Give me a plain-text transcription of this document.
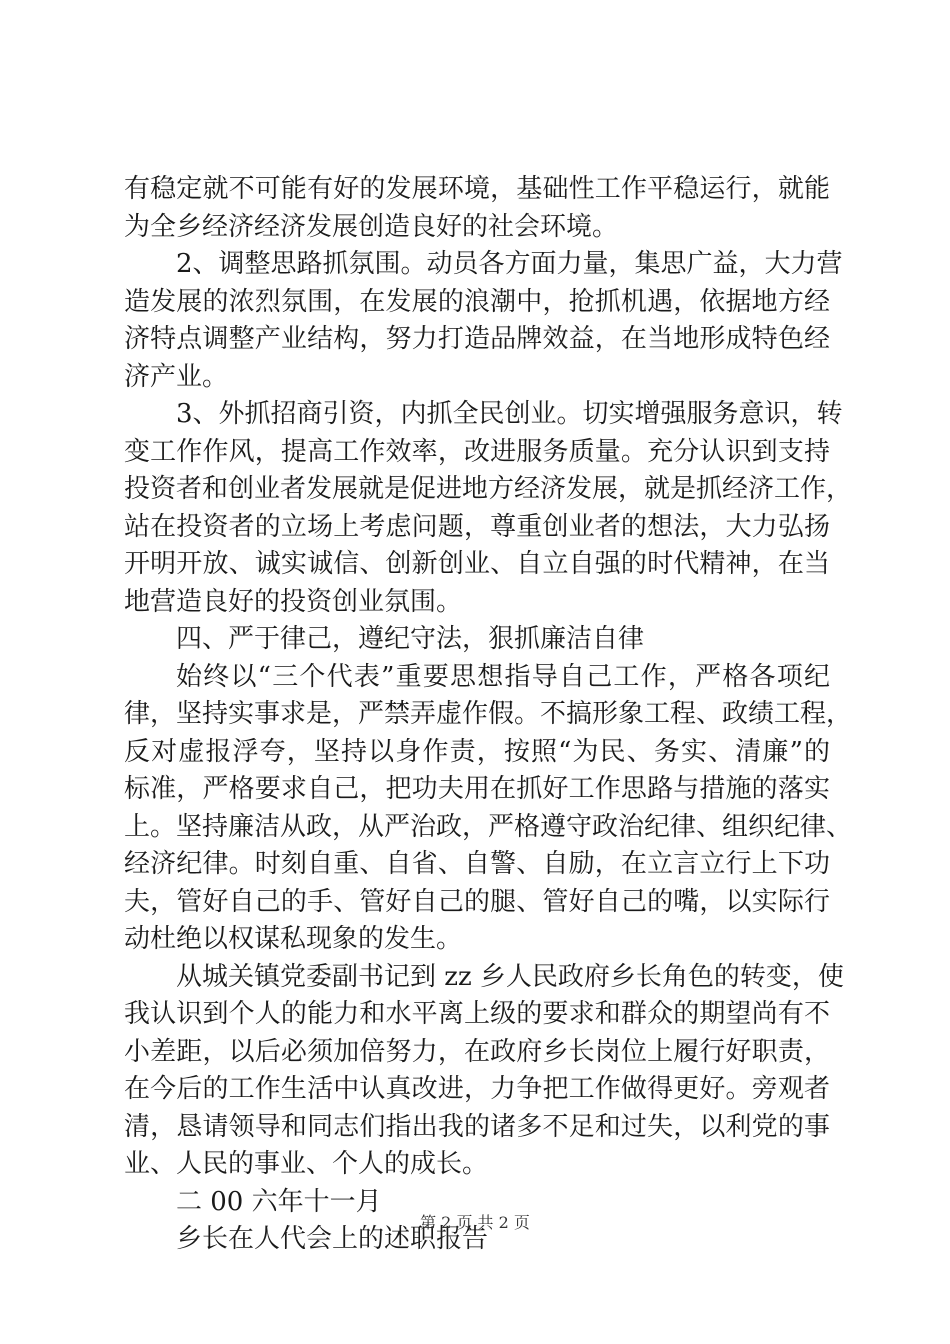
有稳定就不可能有好的发展环境，基础性工作平稳运行，就能
为全乡经济经济发展创造良好的社会环境。
2、调整思路抓氛围。动员各方面力量，集思广益，大力营
造发展的浓烈氛围，在发展的浪潮中，抢抓机遇，依据地方经
济特点调整产业结构，努力打造品牌效益，在当地形成特色经
济产业。
3、外抓招商引资，内抓全民创业。切实增强服务意识，转
变工作作风，提高工作效率，改进服务质量。充分认识到支持
投资者和创业者发展就是促进地方经济发展，就是抓经济工作，
站在投资者的立场上考虑问题，尊重创业者的想法，大力弘扬
开明开放、诚实诚信、创新创业、自立自强的时代精神，在当
地营造良好的投资创业氛围。
四、严于律己，遵纪守法，狠抓廉洁自律
始终以“三个代表”重要思想指导自己工作，严格各项纪
律，坚持实事求是，严禁弄虚作假。不搞形象工程、政绩工程，
反对虚报浮夸，坚持以身作责，按照“为民、务实、清廉”的
标准，严格要求自己，把功夫用在抓好工作思路与措施的落实
上。坚持廉洁从政，从严治政，严格遵守政治纪律、组织纪律、
经济纪律。时刻自重、自省、自警、自励，在立言立行上下功
夫，管好自己的手、管好自己的腿、管好自己的嘴，以实际行
动杜绝以权谋私现象的发生。
从城关镇党委副书记到 zz 乡人民政府乡长角色的转变，使
我认识到个人的能力和水平离上级的要求和群众的期望尚有不
小差距，以后必须加倍努力，在政府乡长岗位上履行好职责，
在今后的工作生活中认真改进，力争把工作做得更好。旁观者
清，恳请领导和同志们指出我的诸多不足和过失，以利党的事
业、人民的事业、个人的成长。
二 00 六年十一月
乡长在人代会上的述职报告
第 2 页 共 2 页
